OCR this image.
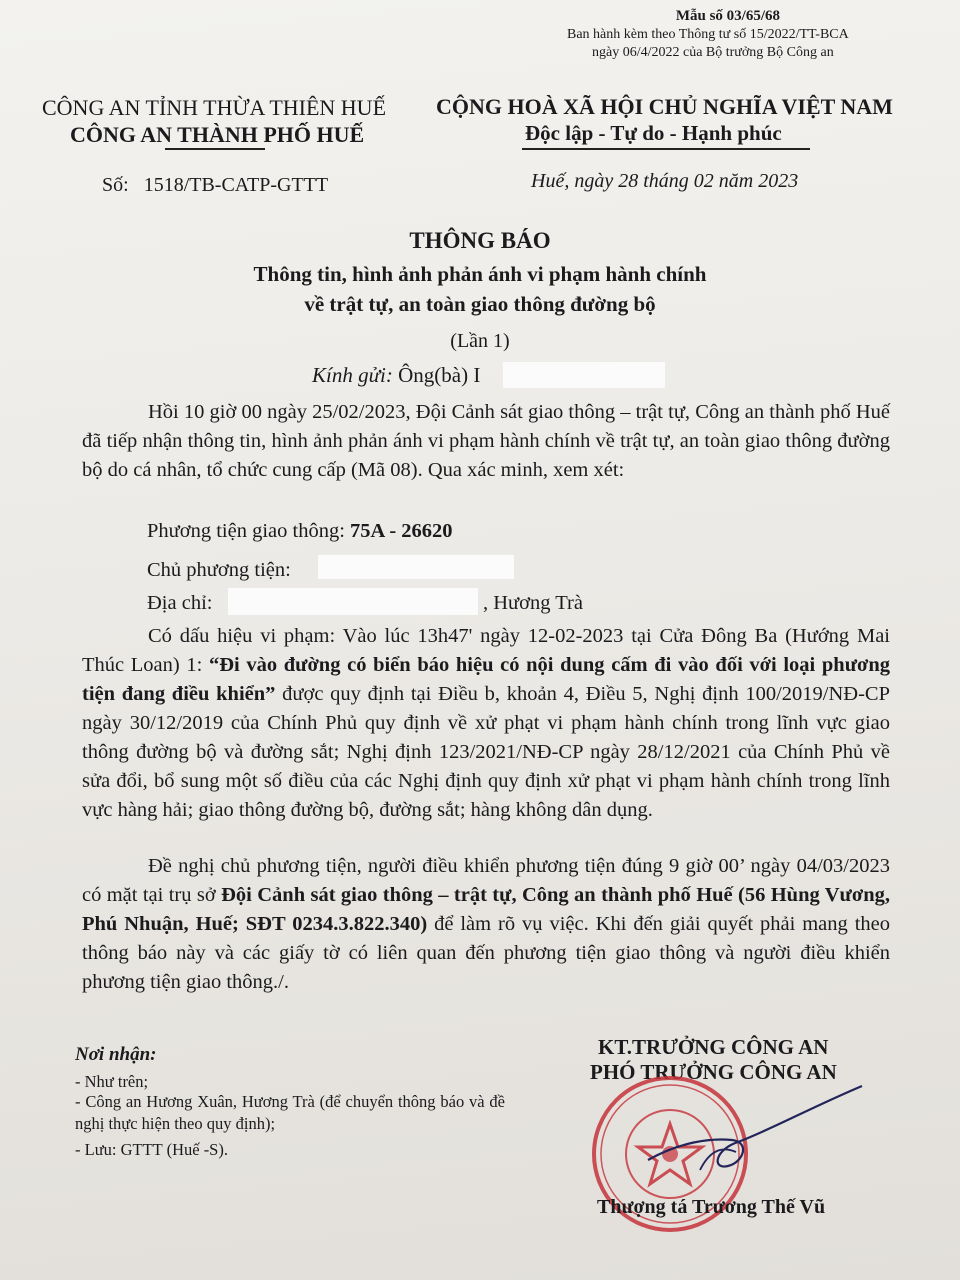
Mẫu số 03/65/68
Ban hành kèm theo Thông tư số 15/2022/TT-BCA
ngày 06/4/2022 của Bộ trưởng Bộ Công an
CÔNG AN TỈNH THỪA THIÊN HUẾ
CÔNG AN THÀNH PHỐ HUẾ
CỘNG HOÀ XÃ HỘI CHỦ NGHĨA VIỆT NAM
Độc lập - Tự do - Hạnh phúc
Số: 1518/TB-CATP-GTTT	Huế, ngày 28 tháng 02 năm 2023
THÔNG BÁO
Thông tin, hình ảnh phản ánh vi phạm hành chính
về trật tự, an toàn giao thông đường bộ
(Lần 1)
Kính gửi: Ông(bà) I
Hồi 10 giờ 00 ngày 25/02/2023, Đội Cảnh sát giao thông – trật tự, Công an thành phố Huế đã tiếp nhận thông tin, hình ảnh phản ánh vi phạm hành chính về trật tự, an toàn giao thông đường bộ do cá nhân, tổ chức cung cấp (Mã 08). Qua xác minh, xem xét:
Phương tiện giao thông: 75A - 26620
Chủ phương tiện:
Địa chỉ:	, Hương Trà
Có dấu hiệu vi phạm: Vào lúc 13h47' ngày 12-02-2023 tại Cửa Đông Ba (Hướng Mai Thúc Loan) 1: “Đi vào đường có biển báo hiệu có nội dung cấm đi vào đối với loại phương tiện đang điều khiển” được quy định tại Điều b, khoản 4, Điều 5, Nghị định 100/2019/NĐ-CP ngày 30/12/2019 của Chính Phủ quy định về xử phạt vi phạm hành chính trong lĩnh vực giao thông đường bộ và đường sắt; Nghị định 123/2021/NĐ-CP ngày 28/12/2021 của Chính Phủ về sửa đổi, bổ sung một số điều của các Nghị định quy định xử phạt vi phạm hành chính trong lĩnh vực hàng hải; giao thông đường bộ, đường sắt; hàng không dân dụng.
Đề nghị chủ phương tiện, người điều khiển phương tiện đúng 9 giờ 00’ ngày 04/03/2023 có mặt tại trụ sở Đội Cảnh sát giao thông – trật tự, Công an thành phố Huế (56 Hùng Vương, Phú Nhuận, Huế; SĐT 0234.3.822.340) để làm rõ vụ việc. Khi đến giải quyết phải mang theo thông báo này và các giấy tờ có liên quan đến phương tiện giao thông và người điều khiển phương tiện giao thông./.
Nơi nhận:
- Như trên;
- Công an Hương Xuân, Hương Trà (để chuyển thông báo và đề nghị thực hiện theo quy định);
- Lưu: GTTT (Huế -S).
KT.TRƯỞNG CÔNG AN
PHÓ TRƯỞNG CÔNG AN
Thượng tá Trương Thế Vũ
